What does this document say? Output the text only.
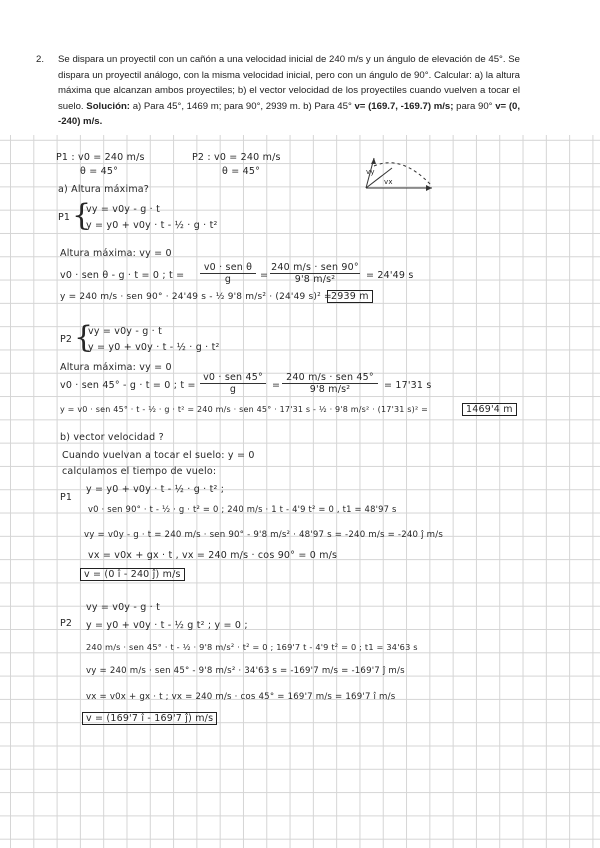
2. Se dispara un proyectil con un cañón a una velocidad inicial de 240 m/s y un ángulo de elevación de 45°. Se dispara un proyectil análogo, con la misma velocidad inicial, pero con un ángulo de 90°. Calcular: a) la altura máxima que alcanzan ambos proyectiles; b) el vector velocidad de los proyectiles cuando vuelven a tocar el suelo. Solución: a) Para 45°, 1469 m; para 90°, 2939 m. b) Para 45° v= (169.7, -169.7) m/s; para 90° v= (0, -240) m/s.
P1 : v0 = 240 m/s
θ = 45°
P2 : v0 = 240 m/s
θ = 45°	vy
vx
a) Altura máxima?
P1 {
vy = v0y - g · t
y = y0 + v0y · t - ½ · g · t²
Altura máxima: vy = 0
v0 · sen θ - g · t = 0 ; t =
v0 · sen θ
g	=
240 m/s · sen 90°
9'8 m/s²	= 24'49 s
y = 240 m/s · sen 90° · 24'49 s - ½ 9'8 m/s² · (24'49 s)² = 2939 m
P2 {
vy = v0y - g · t
y = y0 + v0y · t - ½ · g · t²
Altura máxima: vy = 0
v0 · sen 45° - g · t = 0 ; t =
v0 · sen 45°
g	=
240 m/s · sen 45°
9'8 m/s²	= 17'31 s
y = v0 · sen 45° · t - ½ · g · t² = 240 m/s · sen 45° · 17'31 s - ½ · 9'8 m/s² · (17'31 s)² =	1469'4 m
b) vector velocidad ?
Cuando vuelvan a tocar el suelo: y = 0
calculamos el tiempo de vuelo:
P1
y = y0 + v0y · t - ½ · g · t² ;
v0 · sen 90° · t - ½ · g · t² = 0 ; 240 m/s · 1 t - 4'9 t² = 0 , t1 = 48'97 s
vy = v0y - g · t = 240 m/s · sen 90° - 9'8 m/s² · 48'97 s = -240 m/s = -240 ĵ m/s
vx = v0x + gx · t , vx = 240 m/s · cos 90° = 0 m/s
v = (0 î - 240 ĵ) m/s
vy = v0y - g · t
P2 y = y0 + v0y · t - ½ g t² ; y = 0 ;
240 m/s · sen 45° · t - ½ · 9'8 m/s² · t² = 0 ; 169'7 t - 4'9 t² = 0 ; t1 = 34'63 s
vy = 240 m/s · sen 45° - 9'8 m/s² · 34'63 s = -169'7 m/s = -169'7 ĵ m/s
vx = v0x + gx · t ; vx = 240 m/s · cos 45° = 169'7 m/s = 169'7 î m/s
v = (169'7 î - 169'7 ĵ) m/s
